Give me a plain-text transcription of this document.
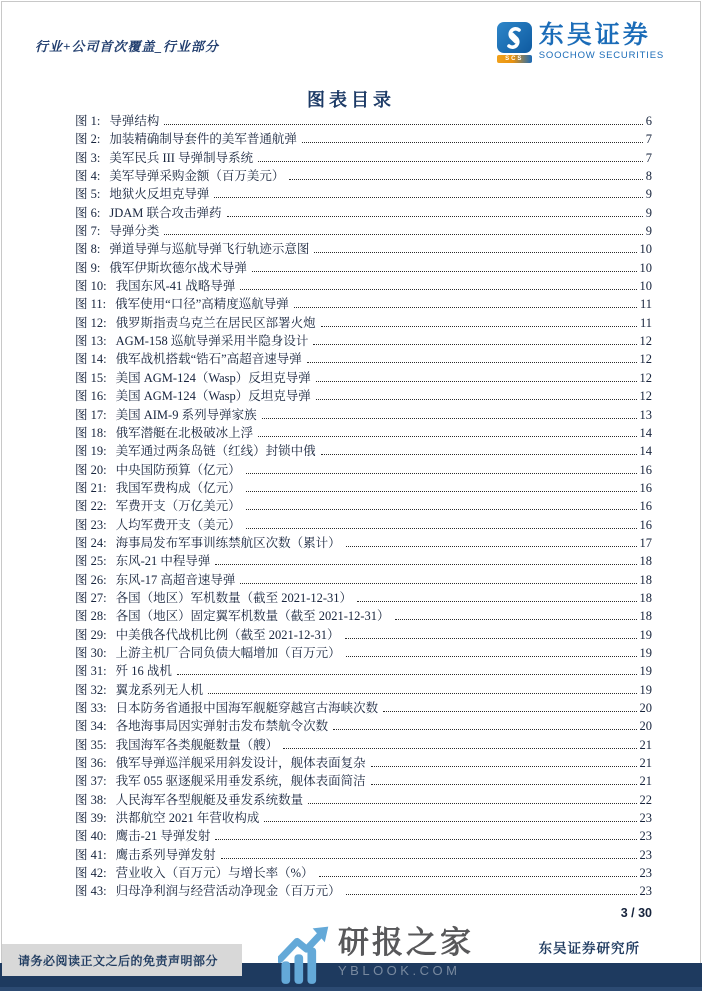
行业+公司首次覆盖_行业部分
SCS
东吴证券
SOOCHOW SECURITIES
图表目录
图 1: 导弹结构	6
图 2: 加装精确制导套件的美军普通航弹	7
图 3: 美军民兵 III 导弹制导系统	7
图 4: 美军导弹采购金额（百万美元）	8
图 5: 地狱火反坦克导弹	9
图 6: JDAM 联合攻击弹药	9
图 7: 导弹分类	9
图 8: 弹道导弹与巡航导弹飞行轨迹示意图	10
图 9: 俄军伊斯坎德尔战术导弹	10
图 10: 我国东风-41 战略导弹	10
图 11: 俄军使用“口径”高精度巡航导弹	11
图 12: 俄罗斯指责乌克兰在居民区部署火炮	11
图 13: AGM-158 巡航导弹采用半隐身设计	12
图 14: 俄军战机搭载“锆石”高超音速导弹	12
图 15: 美国 AGM-124（Wasp）反坦克导弹	12
图 16: 美国 AGM-124（Wasp）反坦克导弹	12
图 17: 美国 AIM-9 系列导弹家族	13
图 18: 俄军潜艇在北极破冰上浮	14
图 19: 美军通过两条岛链（红线）封锁中俄	14
图 20: 中央国防预算（亿元）	16
图 21: 我国军费构成（亿元）	16
图 22: 军费开支（万亿美元）	16
图 23: 人均军费开支（美元）	16
图 24: 海事局发布军事训练禁航区次数（累计）	17
图 25: 东风-21 中程导弹	18
图 26: 东风-17 高超音速导弹	18
图 27: 各国（地区）军机数量（截至 2021-12-31）	18
图 28: 各国（地区）固定翼军机数量（截至 2021-12-31）	18
图 29: 中美俄各代战机比例（截至 2021-12-31）	19
图 30: 上游主机厂合同负债大幅增加（百万元）	19
图 31: 歼 16 战机	19
图 32: 翼龙系列无人机	19
图 33: 日本防务省通报中国海军舰艇穿越宫古海峡次数	20
图 34: 各地海事局因实弹射击发布禁航令次数	20
图 35: 我国海军各类舰艇数量（艘）	21
图 36: 俄军导弹巡洋舰采用斜发设计，舰体表面复杂	21
图 37: 我军 055 驱逐舰采用垂发系统，舰体表面简洁	21
图 38: 人民海军各型舰艇及垂发系统数量	22
图 39: 洪都航空 2021 年营收构成	23
图 40: 鹰击-21 导弹发射	23
图 41: 鹰击系列导弹发射	23
图 42: 营业收入（百万元）与增长率（%）	23
图 43: 归母净利润与经营活动净现金（百万元）	23
3 / 30
请务必阅读正文之后的免责声明部分
东吴证券研究所
研报之家
YBLOOK.COM
